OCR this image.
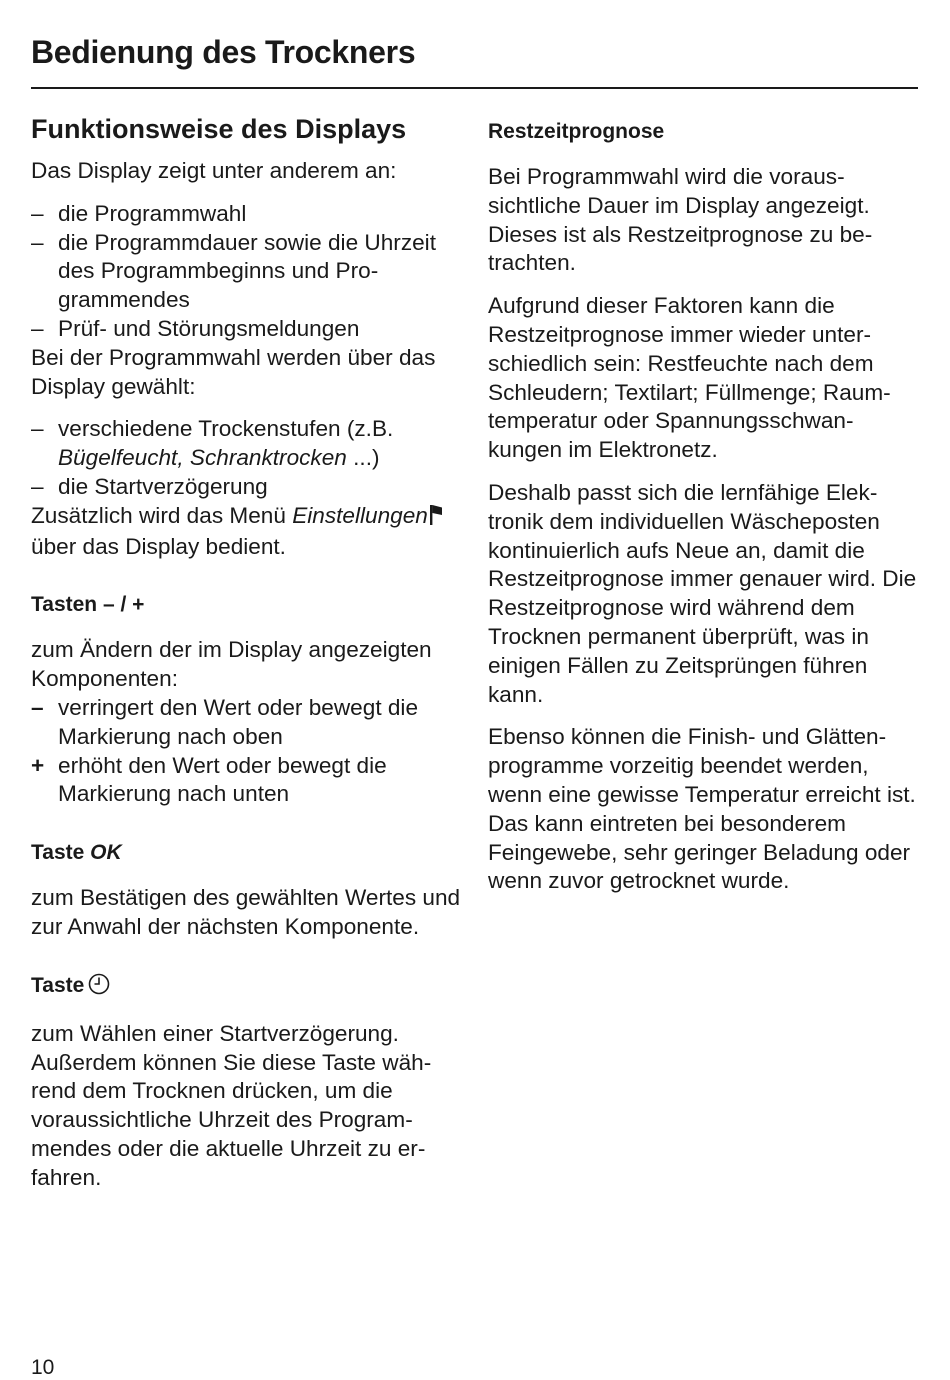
Bedienung des Trockners
Funktionsweise des Displays

Das Display zeigt unter anderem an:

– die Programmwahl

– die Programmdauer sowie die Uhrzeit des Programmbeginns und Programmendes

– Prüf- und Störungsmeldungen

Bei der Programmwahl werden über das Display gewählt:

– verschiedene Trockenstufen (z.B. Bügelfeucht, Schranktrocken ...)

– die Startverzögerung

Zusätzlich wird das Menü Einstellungen über das Display bedient.

Tasten – / +

zum Ändern der im Display angezeigten Komponenten:

– verringert den Wert oder bewegt die Markierung nach oben

+ erhöht den Wert oder bewegt die Markierung nach unten

Taste OK

zum Bestätigen des gewählten Wertes und zur Anwahl der nächsten Komponente.

Taste

zum Wählen einer Startverzögerung. Außerdem können Sie diese Taste während dem Trocknen drücken, um die voraussichtliche Uhrzeit des Programmendes oder die aktuelle Uhrzeit zu erfahren.

Restzeitprognose

Bei Programmwahl wird die voraussichtliche Dauer im Display angezeigt. Dieses ist als Restzeitprognose zu betrachten.

Aufgrund dieser Faktoren kann die Restzeitprognose immer wieder unterschiedlich sein: Restfeuchte nach dem Schleudern; Textilart; Füllmenge; Raumtemperatur oder Spannungsschwankungen im Elektronetz.

Deshalb passt sich die lernfähige Elektronik dem individuellen Wäscheposten kontinuierlich aufs Neue an, damit die Restzeitprognose immer genauer wird. Die Restzeitprognose wird während dem Trocknen permanent überprüft, was in einigen Fällen zu Zeitsprüngen führen kann.

Ebenso können die Finish- und Glättenprogramme vorzeitig beendet werden, wenn eine gewisse Temperatur erreicht ist. Das kann eintreten bei besonderem Feingewebe, sehr geringer Beladung oder wenn zuvor getrocknet wurde.

10
